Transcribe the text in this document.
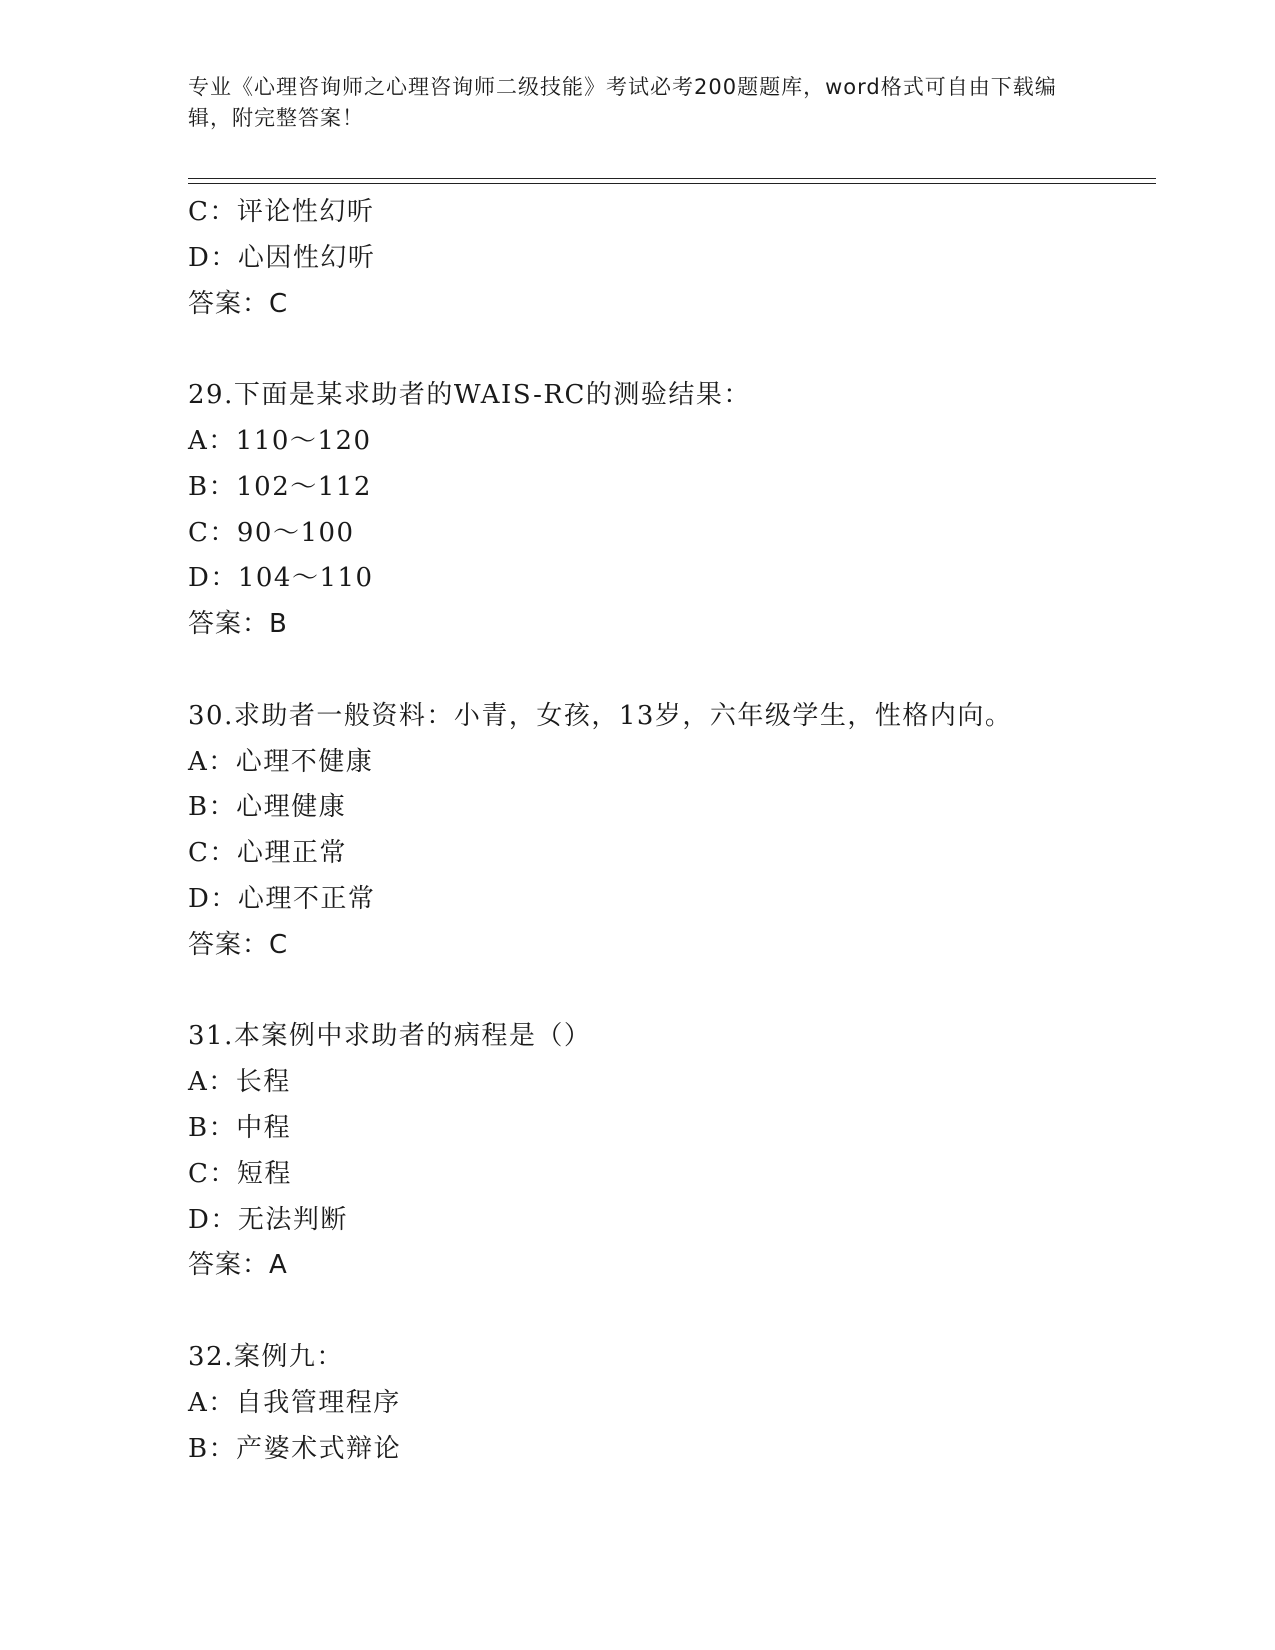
专业《心理咨询师之心理咨询师二级技能》考试必考200题题库，word格式可自由下载编辑，附完整答案！
C：评论性幻听
D：心因性幻听
答案：C
29.下面是某求助者的WAIS-RC的测验结果：
A：110～120
B：102～112
C：90～100
D：104～110
答案：B
30.求助者一般资料：小青，女孩，13岁，六年级学生，性格内向。
A：心理不健康
B：心理健康
C：心理正常
D：心理不正常
答案：C
31.本案例中求助者的病程是（）
A：长程
B：中程
C：短程
D：无法判断
答案：A
32.案例九：
A：自我管理程序
B：产婆术式辩论
